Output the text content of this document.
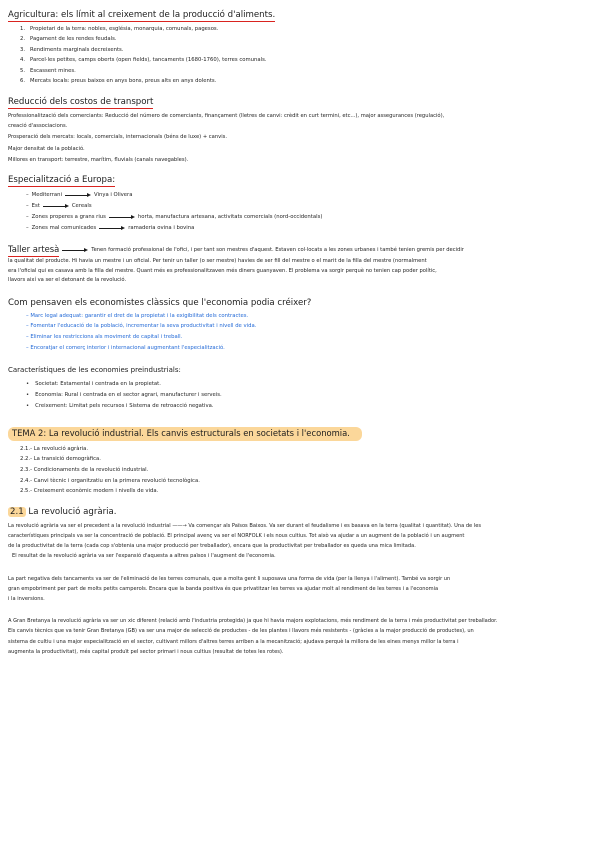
Agricultura: els límit al creixement de la producció d'aliments.
1. Propietari de la terra: nobles, església, monarquia, comunals, pagesos.
2. Pagament de les rendes feudals.
3. Rendiments marginals decreixents.
4. Parcel·les petites, camps oberts (open fields), tancaments (1680-1760), terres comunals.
5. Escassent mines.
6. Mercats locals: preus baixos en anys bons, preus alts en anys dolents.
Reducció dels costos de transport
Professionalització dels comerciants: Reducció del número de comerciants, finançament (lletres de canvi: crèdit en curt termini, etc...), major assegurances (regulació),
creació d'associacions.
Prosperació dels mercats: locals, comercials, internacionals (béns de luxe) + canvis.
Major densitat de la població.
Millores en transport: terrestre, marítim, fluvials (canals navegables).
Especialització a Europa:
– Mediterrani	Vinya i Olivera
– Est	Cereals
– Zones properes a grans rius	horta, manufactura artesana, activitats comercials (nord-occidentals)
– Zones mal comunicades	ramaderia ovina i bovina
Taller artesà	Tenen formació professional de l'ofici, i per tant son mestres d'aquest. Estaven col·locats a les zones urbanes i també tenien gremis per decidir
la qualitat del producte. Hi havia un mestre i un oficial. Per tenir un taller (o ser mestre) havies de ser fill del mestre o el marit de la filla del mestre (normalment
era l'oficial qui es casava amb la filla del mestre. Quant més es professionalitzaven més diners guanyaven. El problema va sorgir perquè no tenien cap poder polític,
llavors així va ser el detonant de la revolució.
Com pensaven els economistes clàssics que l'economia podia créixer?
– Marc legal adequat: garantir el dret de la propietat i la exigibilitat dels contractes.
– Fomentar l'educació de la població, incrementar la seva productivitat i nivell de vida.
– Eliminar les restriccions als moviment de capital i treball.
– Encoratjar el comerç interior i internacional augmentant l'especialització.
Característiques de les economies preindustrials:
• Societat: Estamental i centrada en la propietat.
• Economia: Rural i centrada en el sector agrari, manufacturer i serveis.
• Creixement: Limitat pels recursos i Sistema de retroacció negativa.
TEMA 2: La revolució industrial. Els canvis estructurals en societats i l'economia.
2.1.- La revolució agrària.
2.2.- La transició demogràfica.
2.3.- Condicionaments de la revolució industrial.
2.4.- Canvi tècnic i organitzatiu en la primera revolució tecnològica.
2.5.- Creixement econòmic modern i nivells de vida.
2.1 La revolució agrària.
La revolució agrària va ser el precedent a la revolució industrial ——→ Va començar als Països Baixos. Va ser durant el feudalisme i es basava en la terra (qualitat i quantitat). Una de les
característiques principals va ser la concentració de població. El principal avenç va ser el NORFOLK i els nous cultius. Tot això va ajudar a un augment de la població i un augment
de la productivitat de la terra (cada cop s'obtenia una major producció per treballador), encara que la productivitat per treballador es queda una mica limitada.
El resultat de la revolució agrària va ser l'expansió d'aquesta a altres països i l'augment de l'economia.
La part negativa dels tancaments va ser de l'eliminació de les terres comunals, que a molta gent li suposava una forma de vida (per la llenya i l'aliment). També va sorgir un
gran empobriment per part de molts petits camperols. Encara que la banda positiva és que privatitzar les terres va ajudar molt al rendiment de les terres i a l'economia
i la inversions.
A Gran Bretanya la revolució agrària va ser un xic diferent (relació amb l'industria protegida) ja que hi havia majors explotacions, més rendiment de la terra i més productivitat per treballador.
Els canvis tècnics que va tenir Gran Bretanya (GB) va ser una major de selecció de productes - de les plantes i llavors més resistents - (gràcies a la major producció de productes), un
sistema de cultiu i una major especialització en el sector, cultivant millors d'altres terres arriben a la mecanització; ajudava perquè la millora de les eines menys millor la terra i
augmenta la productivitat), més capital produït pel sector primari i nous cultius (resultat de totes les rotes).
